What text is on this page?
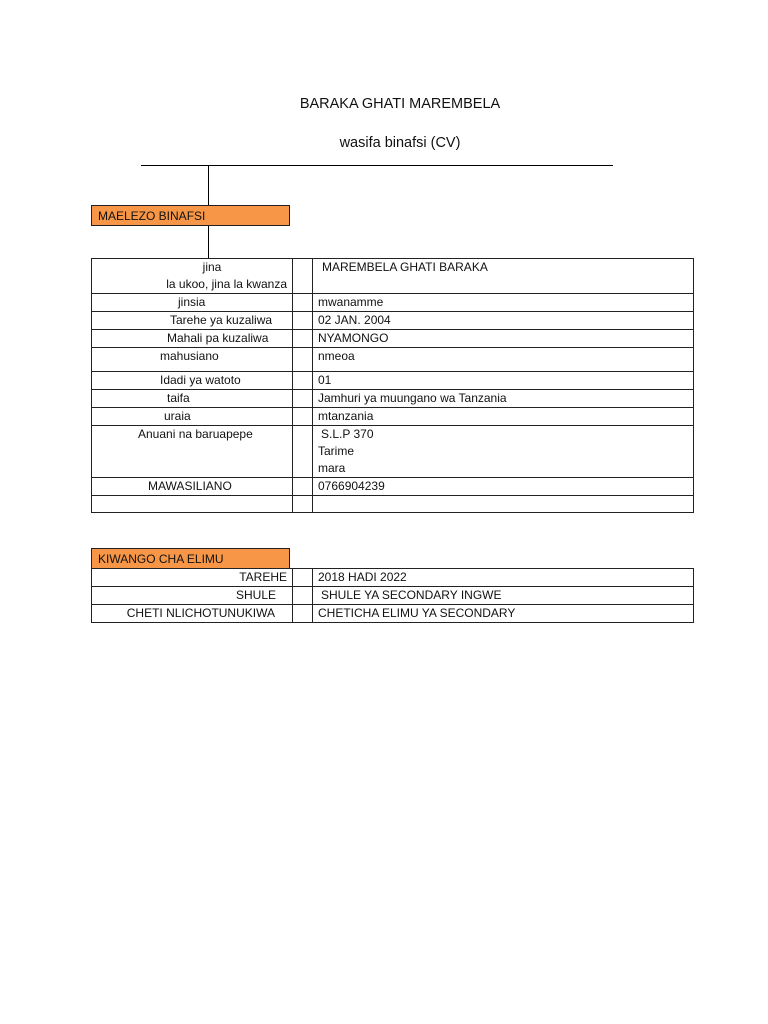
BARAKA GHATI MAREMBELA
wasifa binafsi (CV)
MAELEZO BINAFSI
jina
la ukoo, jina la kwanza		MAREMBELA GHATI BARAKA
jinsia		mwanamme
Tarehe ya kuzaliwa		02 JAN. 2004
Mahali pa kuzaliwa		NYAMONGO
mahusiano		nmeoa
Idadi ya watoto		01
taifa		Jamhuri ya muungano wa Tanzania
uraia		mtanzania
Anuani na baruapepe		S.L.P 370
Tarime
mara

MAWASILIANO		0766904239

KIWANGO CHA ELIMU
TAREHE		2018 HADI 2022
SHULE		SHULE YA SECONDARY INGWE
CHETI NLICHOTUNUKIWA		CHETICHA ELIMU YA SECONDARY
